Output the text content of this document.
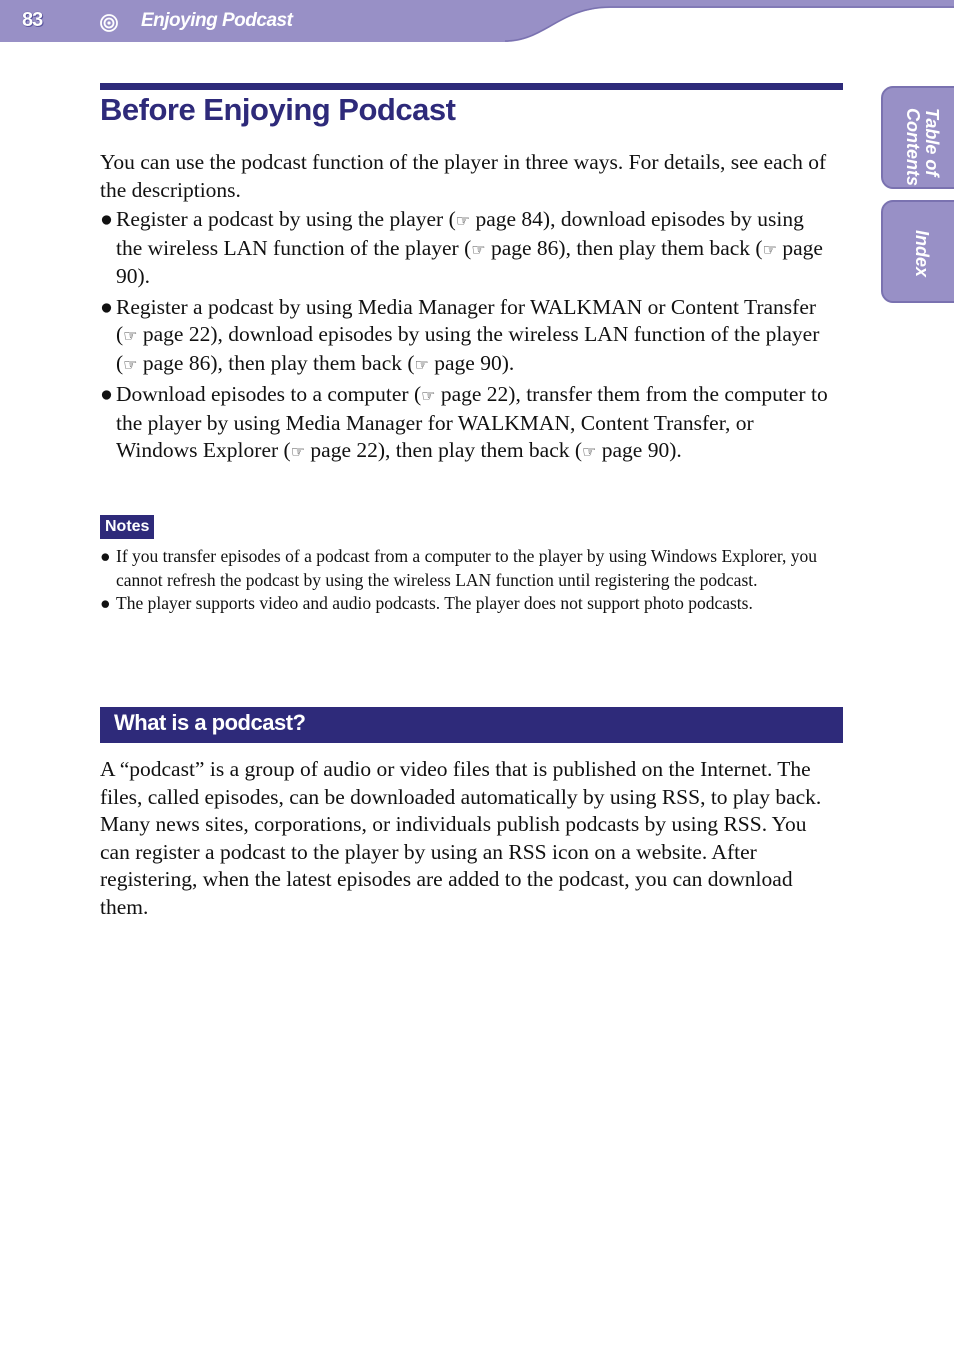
83	Enjoying Podcast
Table of Contents
Index
Before Enjoying Podcast
You can use the podcast function of the player in three ways. For details, see each of the descriptions.
● Register a podcast by using the player (☞ page 84), download episodes by using the wireless LAN function of the player (☞ page 86), then play them back (☞ page 90).
● Register a podcast by using Media Manager for WALKMAN or Content Transfer (☞ page 22), download episodes by using the wireless LAN function of the player (☞ page 86), then play them back (☞ page 90).
● Download episodes to a computer (☞ page 22), transfer them from the computer to the player by using Media Manager for WALKMAN, Content Transfer, or Windows Explorer (☞ page 22), then play them back (☞ page 90).
Notes
● If you transfer episodes of a podcast from a computer to the player by using Windows Explorer, you cannot refresh the podcast by using the wireless LAN function until registering the podcast.
● The player supports video and audio podcasts. The player does not support photo podcasts.
What is a podcast?
A “podcast” is a group of audio or video files that is published on the Internet. The files, called episodes, can be downloaded automatically by using RSS, to play back. Many news sites, corporations, or individuals publish podcasts by using RSS. You can register a podcast to the player by using an RSS icon on a website. After registering, when the latest episodes are added to the podcast, you can download them.
